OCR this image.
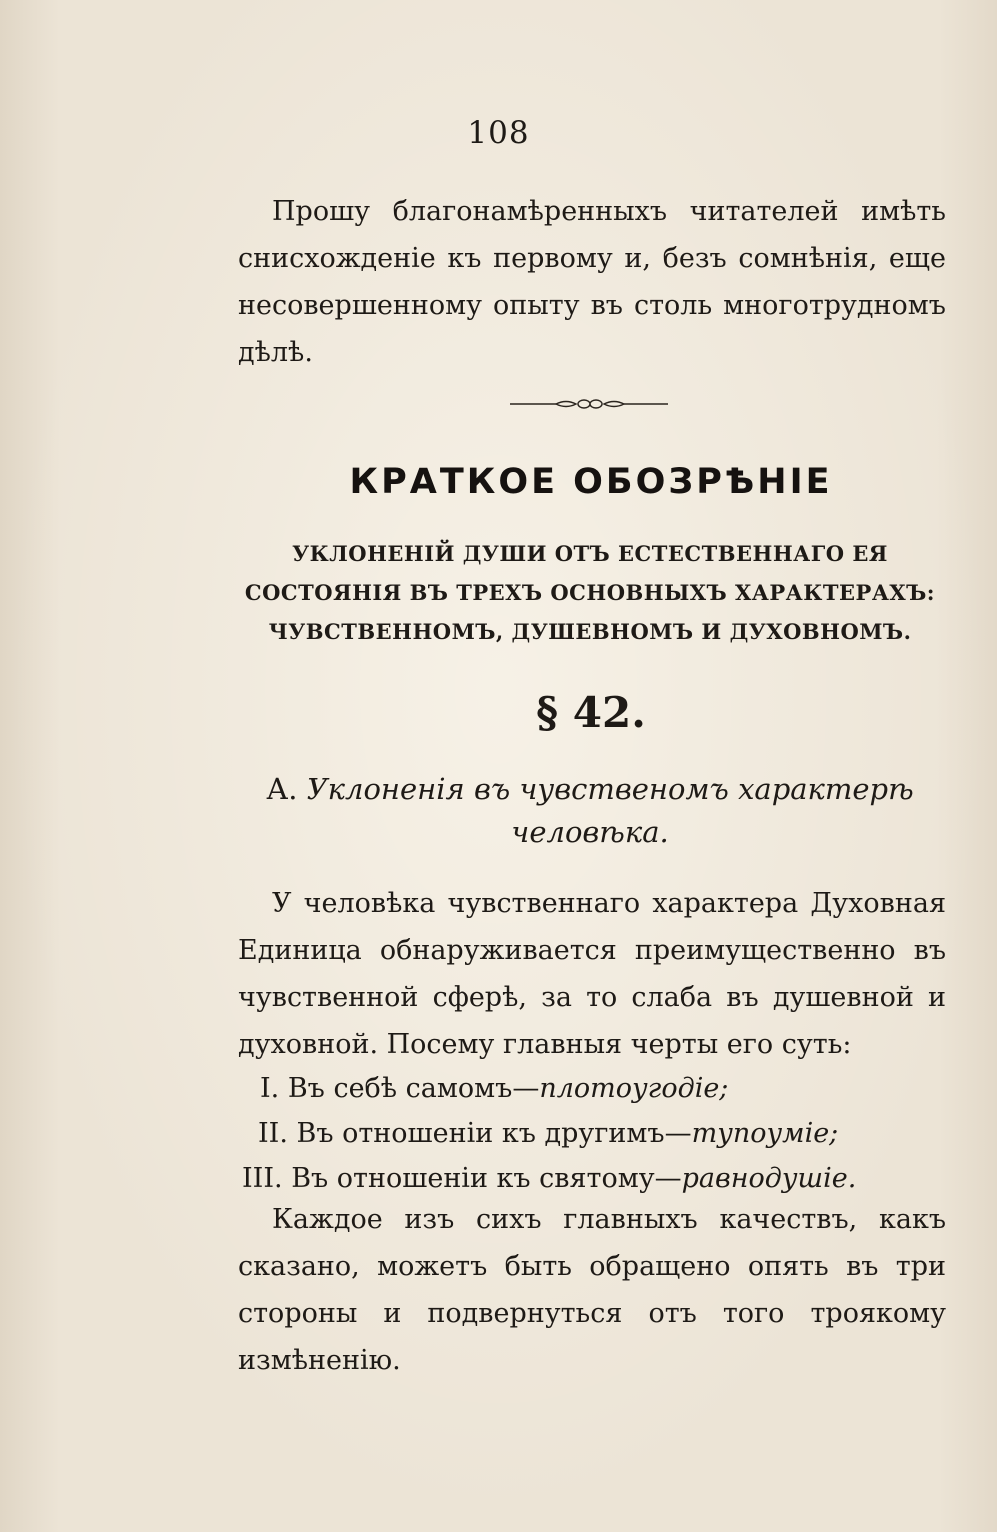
108

Прошу благонамѣренныхъ читателей имѣть снисхожденіе къ первому и, безъ сомнѣнія, еще несовершенному опыту въ столь многотрудномъ дѣлѣ.

КРАТКОЕ ОБОЗРѢНІЕ
УКЛОНЕНІЙ ДУШИ ОТЪ ЕСТЕСТВЕННАГО ЕЯ СОСТОЯНІЯ ВЪ ТРЕХЪ ОСНОВНЫХЪ ХАРАКТЕРАХЪ: ЧУВСТВЕННОМЪ, ДУШЕВНОМЪ И ДУХОВНОМЪ.
§ 42.
А. Уклоненія въ чувственомъ характерѣ человѣка.

У человѣка чувственнаго характера Духовная Единица обнаруживается преимущественно въ чувственной сферѣ, за то слаба въ душевной и духовной. Посему главныя черты его суть:

I. Въ себѣ самомъ—плотоугодіе;
II. Въ отношеніи къ другимъ—тупоумie;
III. Въ отношеніи къ святому—равнодушіе.

Каждое изъ сихъ главныхъ качествъ, какъ сказано, можетъ быть обращено опять въ три стороны и подвернуться отъ того троякому измѣненію.
